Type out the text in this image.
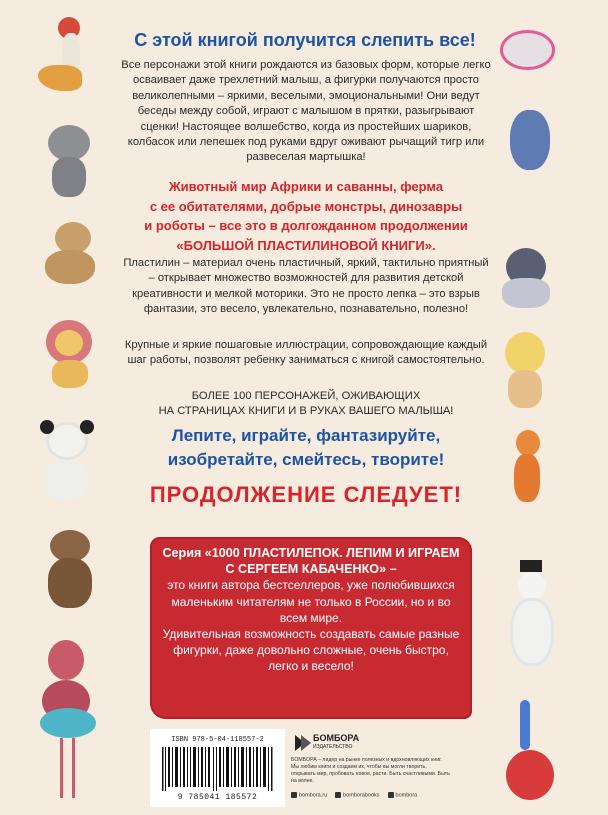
С этой книгой получится слепить все!
Все персонажи этой книги рождаются из базовых форм, которые легко осваивает даже трехлетний малыш, а фигурки получаются просто великолепными – яркими, веселыми, эмоциональными! Они ведут беседы между собой, играют с малышом в прятки, разыгрывают сценки! Настоящее волшебство, когда из простейших шариков, колбасок или лепешек под руками вдруг оживают рычащий тигр или развеселая мартышка!
Животный мир Африки и саванны, ферма
с ее обитателями, добрые монстры, динозавры
и роботы – все это в долгожданном продолжении
«БОЛЬШОЙ ПЛАСТИЛИНОВОЙ КНИГИ».
Пластилин – материал очень пластичный, яркий, тактильно приятный – открывает множество возможностей для развития детской креативности и мелкой моторики. Это не просто лепка – это взрыв фантазии, это весело, увлекательно, познавательно, полезно!
Крупные и яркие пошаговые иллюстрации, сопровождающие каждый шаг работы, позволят ребенку заниматься с книгой самостоятельно.
БОЛЕЕ 100 ПЕРСОНАЖЕЙ, ОЖИВАЮЩИХ
НА СТРАНИЦАХ КНИГИ И В РУКАХ ВАШЕГО МАЛЫША!
Лепите, играйте, фантазируйте,
изобретайте, смейтесь, творите!
ПРОДОЛЖЕНИЕ СЛЕДУЕТ!
Серия «1000 ПЛАСТИЛЕПОК. ЛЕПИМ И ИГРАЕМ С СЕРГЕЕМ КАБАЧЕНКО» –
это книги автора бестселлеров, уже полюбившихся маленьким читателям не только в России, но и во всем мире.
Удивительная возможность создавать самые разные фигурки, даже довольно сложные, очень быстро, легко и весело!
ISBN 978-5-04-118557-2
9 785041 185572
БОМБОРА
ИЗДАТЕЛЬСТВО
БОМБОРА – лидер на рынке полезных и вдохновляющих книг. Мы любим книги и создаем их, чтобы вы могли творить, открывать мир, пробовать новое, расти. Быть счастливыми. Быть на волне.
bombora.ru	bomborabooks	bombora
